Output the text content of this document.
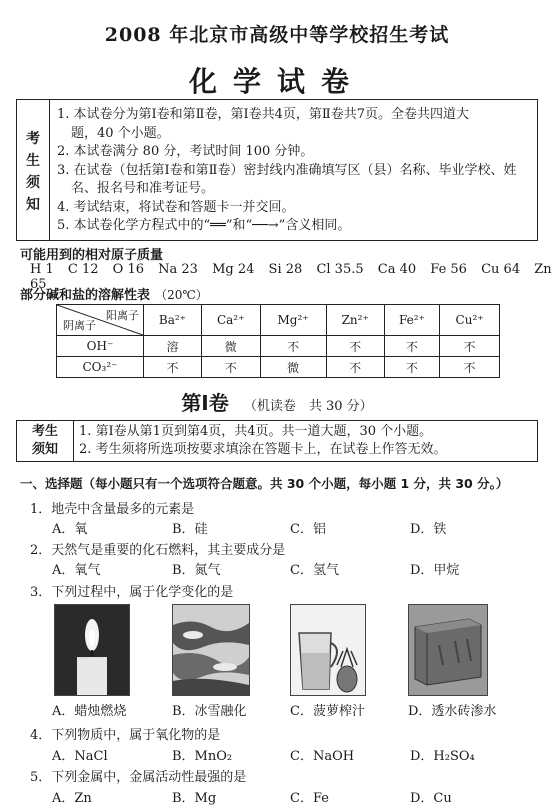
2008 年北京市高级中等学校招生考试
化学试卷
考
生
须
知
1. 本试卷分为第Ⅰ卷和第Ⅱ卷，第Ⅰ卷共4页，第Ⅱ卷共7页。全卷共四道大
题，40 个小题。
2. 本试卷满分 80 分，考试时间 100 分钟。
3. 在试卷（包括第Ⅰ卷和第Ⅱ卷）密封线内准确填写区（县）名称、毕业学校、姓
名、报名号和准考证号。
4. 考试结束，将试卷和答题卡一并交回。
5. 本试卷化学方程式中的“══”和“──→”含义相同。
可能用到的相对原子质量
H 1 C 12 O 16 Na 23 Mg 24 Si 28 Cl 35.5 Ca 40 Fe 56 Cu 64 Zn 65
部分碱和盐的溶解性表 （20℃）
阳离子
阴离子	Ba²⁺	Ca²⁺	Mg²⁺	Zn²⁺	Fe²⁺	Cu²⁺
OH⁻	溶	微	不	不	不	不
CO₃²⁻	不	不	微	不	不	不
第Ⅰ卷 （机读卷　共 30 分）
考生
须知
1. 第Ⅰ卷从第1页到第4页，共4页。共一道大题，30 个小题。
2. 考生须将所选项按要求填涂在答题卡上，在试卷上作答无效。
一、选择题（每小题只有一个选项符合题意。共 30 个小题，每小题 1 分，共 30 分。）
1．地壳中含量最多的元素是
A．氧	B．硅	C．铝	D．铁
2．天然气是重要的化石燃料，其主要成分是
A．氧气	B．氮气	C．氢气	D．甲烷
3．下列过程中，属于化学变化的是
A．蜡烛燃烧	B．冰雪融化	C．菠萝榨汁	D．透水砖渗水
4．下列物质中，属于氧化物的是
A．NaCl	B．MnO₂	C．NaOH	D．H₂SO₄
5．下列金属中，金属活动性最强的是
A．Zn	B．Mg	C．Fe	D．Cu
